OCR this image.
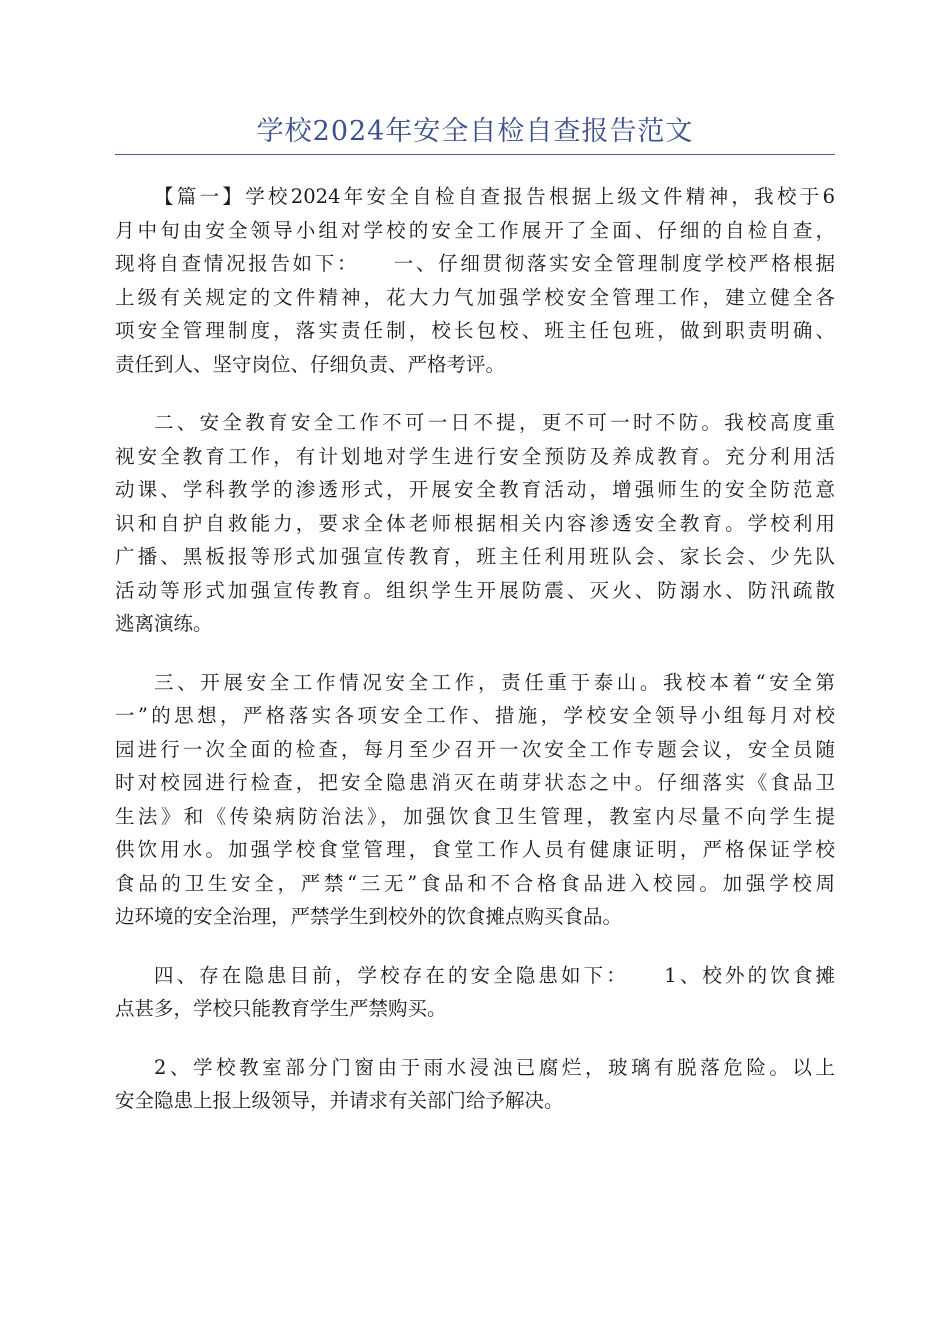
学校2024年安全自检自查报告范文
【篇一】学校2024年安全自检自查报告根据上级文件精神，我校于6
月中旬由安全领导小组对学校的安全工作展开了全面、仔细的自检自查，
现将自查情况报告如下：　　一、仔细贯彻落实安全管理制度学校严格根据
上级有关规定的文件精神，花大力气加强学校安全管理工作，建立健全各
项安全管理制度，落实责任制，校长包校、班主任包班，做到职责明确、
责任到人、坚守岗位、仔细负责、严格考评。
二、安全教育安全工作不可一日不提，更不可一时不防。我校高度重
视安全教育工作，有计划地对学生进行安全预防及养成教育。充分利用活
动课、学科教学的渗透形式，开展安全教育活动，增强师生的安全防范意
识和自护自救能力，要求全体老师根据相关内容渗透安全教育。学校利用
广播、黑板报等形式加强宣传教育，班主任利用班队会、家长会、少先队
活动等形式加强宣传教育。组织学生开展防震、灭火、防溺水、防汛疏散
逃离演练。
三、开展安全工作情况安全工作，责任重于泰山。我校本着“安全第
一”的思想，严格落实各项安全工作、措施，学校安全领导小组每月对校
园进行一次全面的检查，每月至少召开一次安全工作专题会议，安全员随
时对校园进行检查，把安全隐患消灭在萌芽状态之中。仔细落实《食品卫
生法》和《传染病防治法》，加强饮食卫生管理，教室内尽量不向学生提
供饮用水。加强学校食堂管理，食堂工作人员有健康证明，严格保证学校
食品的卫生安全，严禁“三无”食品和不合格食品进入校园。加强学校周
边环境的安全治理，严禁学生到校外的饮食摊点购买食品。
四、存在隐患目前，学校存在的安全隐患如下：　　1、校外的饮食摊
点甚多，学校只能教育学生严禁购买。
2、学校教室部分门窗由于雨水浸浊已腐烂，玻璃有脱落危险。以上
安全隐患上报上级领导，并请求有关部门给予解决。
